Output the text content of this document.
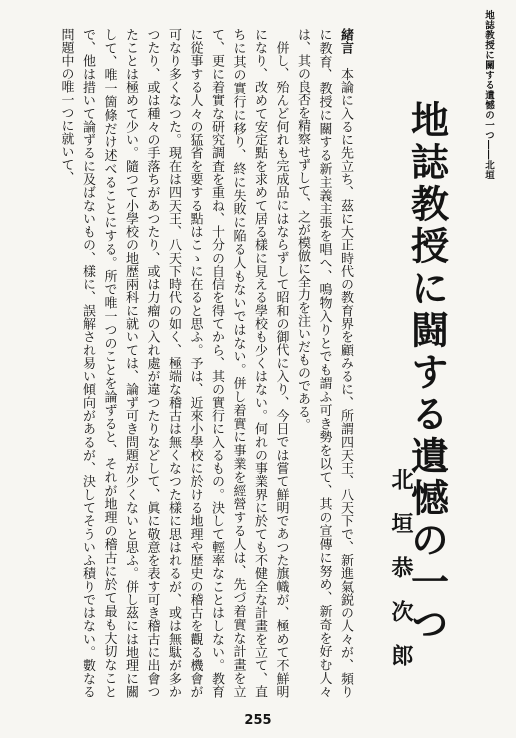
地誌教授に關する遺憾の一つ――北垣
地誌教授に闘する遺憾の一つ
北垣恭次郎

緒言　本論に入るに先立ち、茲に大正時代の教育界を顧みるに、所謂四天王、八天下で、新進氣鋭の人々が、頻りに教育、教授に關する新主義主張を唱へ、鳴物入りとでも謂ふ可き勢を以て、其の宣傳に努め、新奇を好む人々は、其の良否を精察せずして、之が模倣に全力を注いだものである。

併し、殆んど何れも完成品にはならずして昭和の御代に入り、今日では嘗て鮮明であつた旗幟が、極めて不鮮明になり、改めて安定點を求めて居る樣に見える學校も少くはない。何れの事業界に於ても不健全な計畫を立て、直ちに其の實行に移り、終に失敗に陥る人もないではない。併し着實に事業を經營する人は、先づ着實な計畫を立て、更に着實な研究調査を重ね、十分の自信を得てから、其の實行に入るもの。決して輕率なことはしない。教育に從事する人々の猛省を要する點はこゝに在ると思ふ。予は、近來小學校に於ける地理や歴史の稽古を觀る機會が可なり多くなつた。現在は四天王、八天下時代の如く、極端な稽古は無くなつた樣に思はれるが、或は無駄が多かつたり、或は種々の手落ちがあつたり、或は力瘤の入れ處が違つたりなどして、眞に敬意を表す可き稽古に出會つたことは極めて少い。隨つて小學校の地歴兩科に就いては、論ず可き問題が少くないと思ふ。併し茲には地理に關して、唯一箇條だけ述べることにする。所で唯一つのことを論ずると、それが地理の稽古に於て最も大切なことで、他は措いて論ずるに及ばないもの、樣に、誤解され易い傾向があるが、決してそういふ積りではない。數なる問題中の唯一つに就いて、

255
